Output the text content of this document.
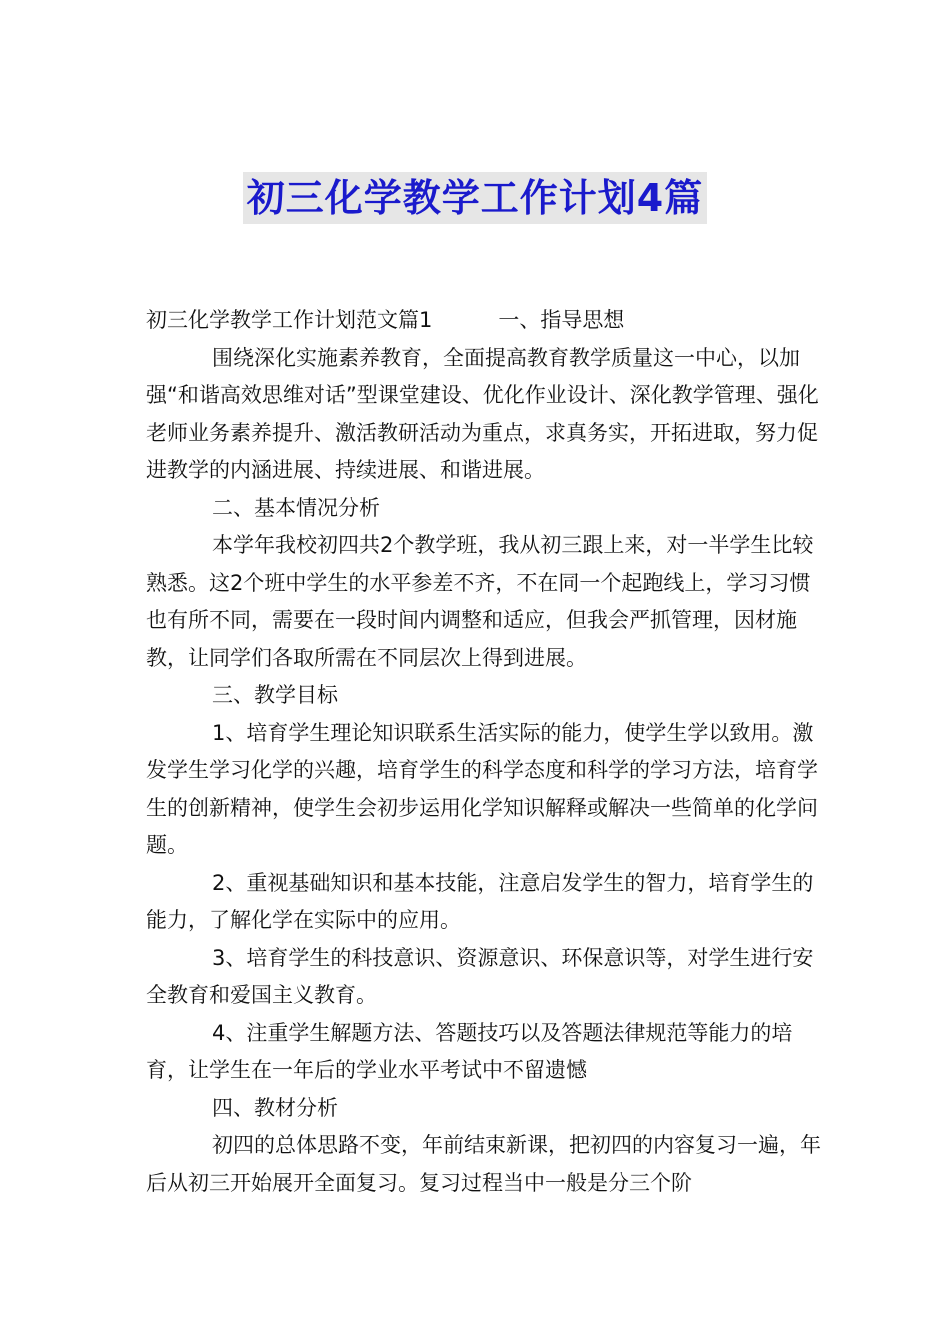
初三化学教学工作计划4篇

初三化学教学工作计划范文篇1	一、指导思想

围绕深化实施素养教育，全面提高教育教学质量这一中心，以加强“和谐高效思维对话”型课堂建设、优化作业设计、深化教学管理、强化老师业务素养提升、激活教研活动为重点，求真务实，开拓进取，努力促进教学的内涵进展、持续进展、和谐进展。

二、基本情况分析

本学年我校初四共2个教学班，我从初三跟上来，对一半学生比较熟悉。这2个班中学生的水平参差不齐，不在同一个起跑线上，学习习惯也有所不同，需要在一段时间内调整和适应，但我会严抓管理，因材施教，让同学们各取所需在不同层次上得到进展。

三、教学目标

1、培育学生理论知识联系生活实际的能力，使学生学以致用。激发学生学习化学的兴趣，培育学生的科学态度和科学的学习方法，培育学生的创新精神，使学生会初步运用化学知识解释或解决一些简单的化学问题。

2、重视基础知识和基本技能，注意启发学生的智力，培育学生的能力，了解化学在实际中的应用。

3、培育学生的科技意识、资源意识、环保意识等，对学生进行安全教育和爱国主义教育。

4、注重学生解题方法、答题技巧以及答题法律规范等能力的培育，让学生在一年后的学业水平考试中不留遗憾

四、教材分析

初四的总体思路不变，年前结束新课，把初四的内容复习一遍，年后从初三开始展开全面复习。复习过程当中一般是分三个阶
